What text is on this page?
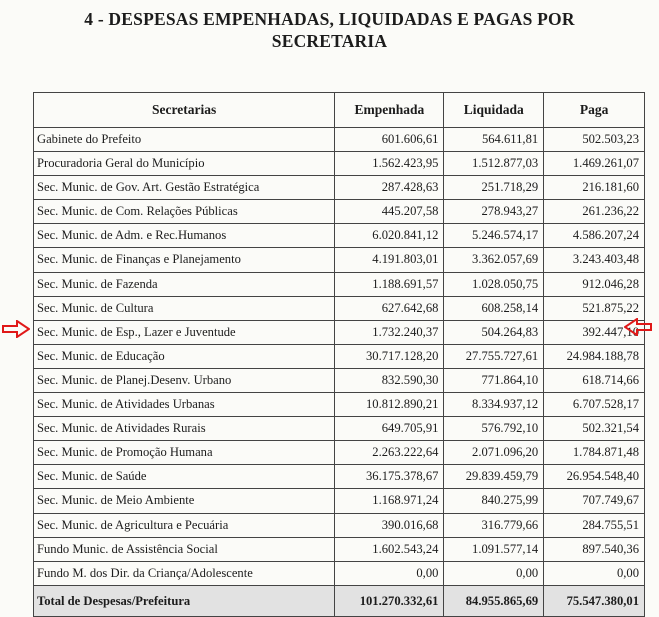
4 - DESPESAS EMPENHADAS, LIQUIDADAS E PAGAS POR
SECRETARIA
Secretarias	Empenhada	Liquidada	Paga
Gabinete do Prefeito	601.606,61	564.611,81	502.503,23
Procuradoria Geral do Município	1.562.423,95	1.512.877,03	1.469.261,07
Sec. Munic. de Gov. Art. Gestão Estratégica	287.428,63	251.718,29	216.181,60
Sec. Munic. de Com. Relações Públicas	445.207,58	278.943,27	261.236,22
Sec. Munic. de Adm. e Rec.Humanos	6.020.841,12	5.246.574,17	4.586.207,24
Sec. Munic. de Finanças e Planejamento	4.191.803,01	3.362.057,69	3.243.403,48
Sec. Munic. de Fazenda	1.188.691,57	1.028.050,75	912.046,28
Sec. Munic. de Cultura	627.642,68	608.258,14	521.875,22
Sec. Munic. de Esp., Lazer e Juventude	1.732.240,37	504.264,83	392.447,10
Sec. Munic. de Educação	30.717.128,20	27.755.727,61	24.984.188,78
Sec. Munic. de Planej.Desenv. Urbano	832.590,30	771.864,10	618.714,66
Sec. Munic. de Atividades Urbanas	10.812.890,21	8.334.937,12	6.707.528,17
Sec. Munic. de Atividades Rurais	649.705,91	576.792,10	502.321,54
Sec. Munic. de Promoção Humana	2.263.222,64	2.071.096,20	1.784.871,48
Sec. Munic. de Saúde	36.175.378,67	29.839.459,79	26.954.548,40
Sec. Munic. de Meio Ambiente	1.168.971,24	840.275,99	707.749,67
Sec. Munic. de Agricultura e Pecuária	390.016,68	316.779,66	284.755,51
Fundo Munic. de Assistência Social	1.602.543,24	1.091.577,14	897.540,36
Fundo M. dos Dir. da Criança/Adolescente	0,00	0,00	0,00
Total de Despesas/Prefeitura	101.270.332,61	84.955.865,69	75.547.380,01
